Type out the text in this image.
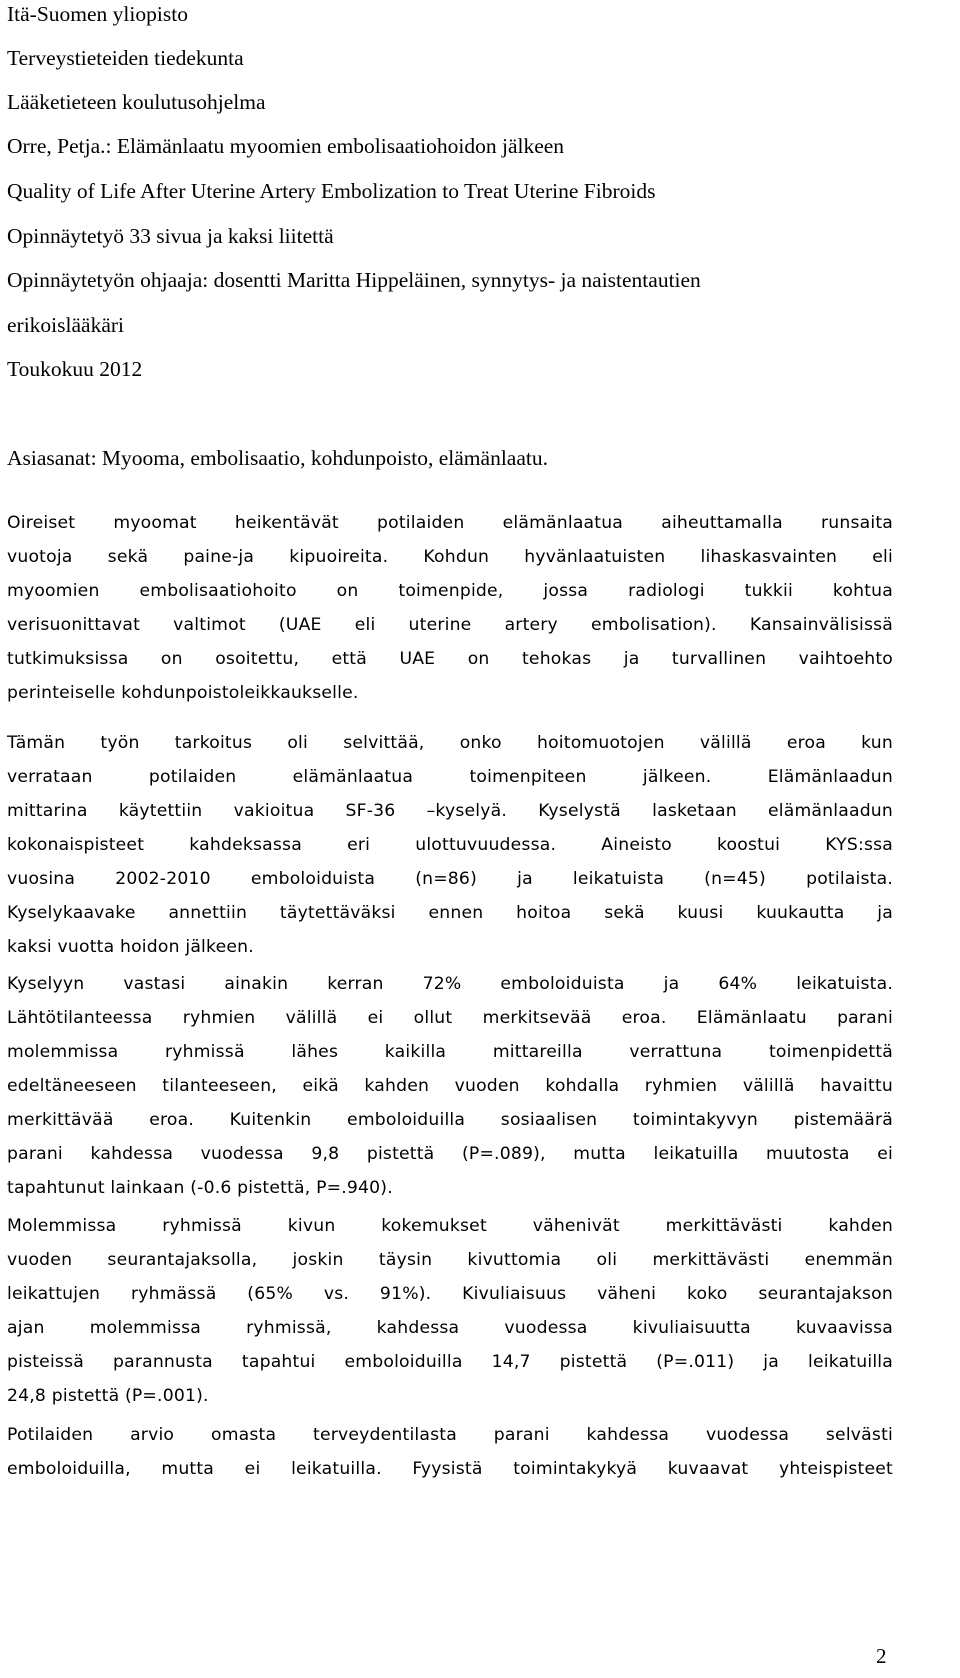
Itä-Suomen yliopisto
Terveystieteiden tiedekunta
Lääketieteen koulutusohjelma
Orre, Petja.: Elämänlaatu myoomien embolisaatiohoidon jälkeen
Quality of Life After Uterine Artery Embolization to Treat Uterine Fibroids
Opinnäytetyö 33 sivua ja kaksi liitettä
Opinnäytetyön ohjaaja: dosentti Maritta Hippeläinen, synnytys- ja naistentautien
erikoislääkäri
Toukokuu 2012
Asiasanat: Myooma, embolisaatio, kohdunpoisto, elämänlaatu.
Oireiset myoomat heikentävät potilaiden elämänlaatua aiheuttamalla runsaita
vuotoja sekä paine-ja kipuoireita. Kohdun hyvänlaatuisten lihaskasvainten eli
myoomien embolisaatiohoito on toimenpide, jossa radiologi tukkii kohtua
verisuonittavat valtimot (UAE eli uterine artery embolisation). Kansainvälisissä
tutkimuksissa on osoitettu, että UAE on tehokas ja turvallinen vaihtoehto
perinteiselle kohdunpoistoleikkaukselle.
Tämän työn tarkoitus oli selvittää, onko hoitomuotojen välillä eroa kun
verrataan potilaiden elämänlaatua toimenpiteen jälkeen. Elämänlaadun
mittarina käytettiin vakioitua SF-36 –kyselyä. Kyselystä lasketaan elämänlaadun
kokonaispisteet kahdeksassa eri ulottuvuudessa. Aineisto koostui KYS:ssa
vuosina 2002-2010 emboloiduista (n=86) ja leikatuista (n=45) potilaista.
Kyselykaavake annettiin täytettäväksi ennen hoitoa sekä kuusi kuukautta ja
kaksi vuotta hoidon jälkeen.
Kyselyyn vastasi ainakin kerran 72% emboloiduista ja 64% leikatuista.
Lähtötilanteessa ryhmien välillä ei ollut merkitsevää eroa. Elämänlaatu parani
molemmissa ryhmissä lähes kaikilla mittareilla verrattuna toimenpidettä
edeltäneeseen tilanteeseen, eikä kahden vuoden kohdalla ryhmien välillä havaittu
merkittävää eroa. Kuitenkin emboloiduilla sosiaalisen toimintakyvyn pistemäärä
parani kahdessa vuodessa 9,8 pistettä (P=.089), mutta leikatuilla muutosta ei
tapahtunut lainkaan (-0.6 pistettä, P=.940).
Molemmissa ryhmissä kivun kokemukset vähenivät merkittävästi kahden
vuoden seurantajaksolla, joskin täysin kivuttomia oli merkittävästi enemmän
leikattujen ryhmässä (65% vs. 91%). Kivuliaisuus väheni koko seurantajakson
ajan molemmissa ryhmissä, kahdessa vuodessa kivuliaisuutta kuvaavissa
pisteissä parannusta tapahtui emboloiduilla 14,7 pistettä (P=.011) ja leikatuilla
24,8 pistettä (P=.001).
Potilaiden arvio omasta terveydentilasta parani kahdessa vuodessa selvästi
emboloiduilla, mutta ei leikatuilla. Fyysistä toimintakykyä kuvaavat yhteispisteet
2
